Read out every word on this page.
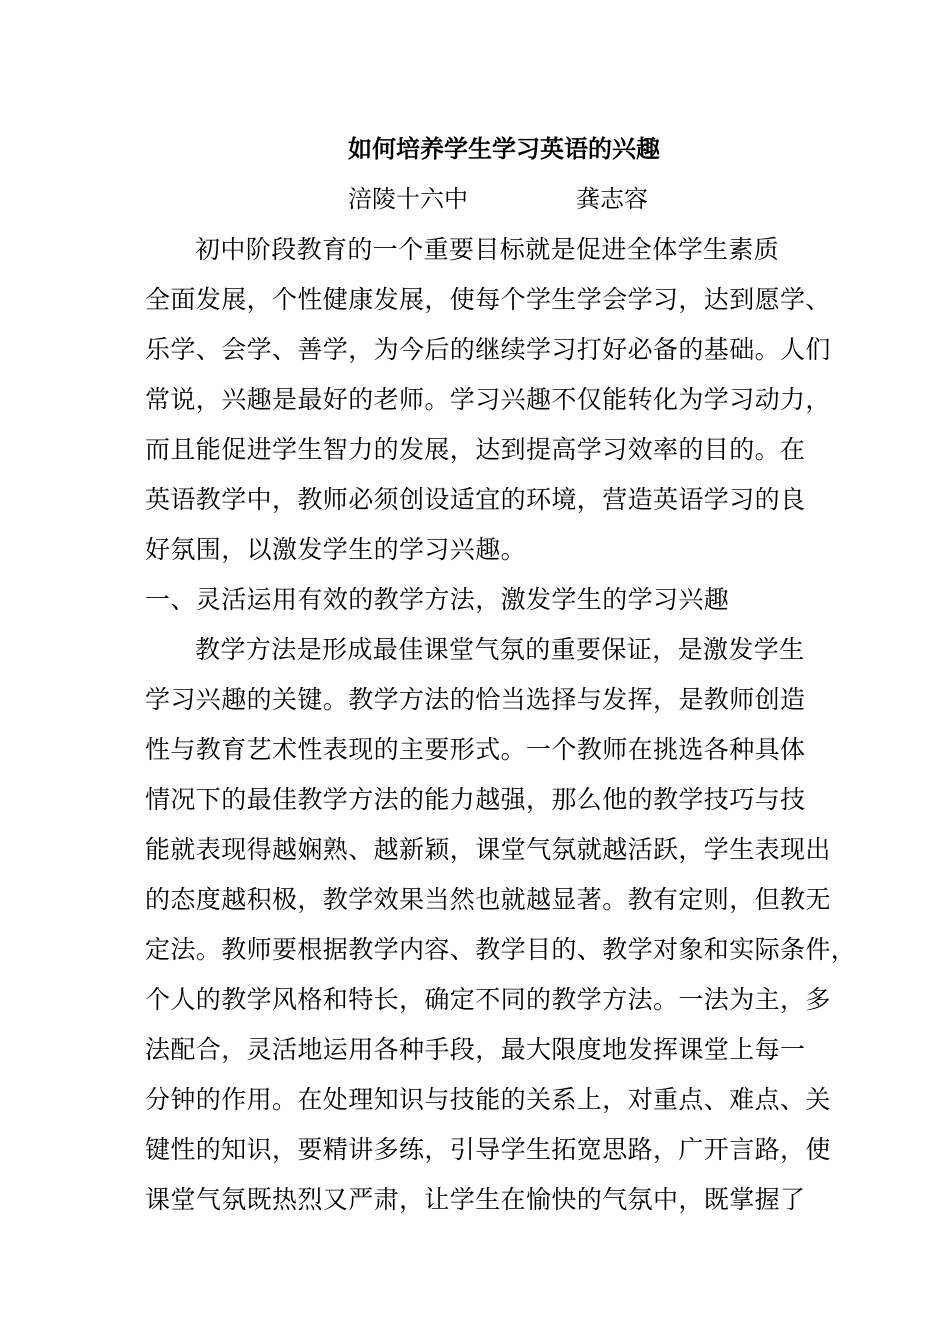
如何培养学生学习英语的兴趣
涪陵十六中	龚志容
初中阶段教育的一个重要目标就是促进全体学生素质
全面发展，个性健康发展，使每个学生学会学习，达到愿学、
乐学、会学、善学，为今后的继续学习打好必备的基础。人们
常说，兴趣是最好的老师。学习兴趣不仅能转化为学习动力，
而且能促进学生智力的发展，达到提高学习效率的目的。在
英语教学中，教师必须创设适宜的环境，营造英语学习的良
好氛围，以激发学生的学习兴趣。
一、灵活运用有效的教学方法，激发学生的学习兴趣
教学方法是形成最佳课堂气氛的重要保证，是激发学生
学习兴趣的关键。教学方法的恰当选择与发挥，是教师创造
性与教育艺术性表现的主要形式。一个教师在挑选各种具体
情况下的最佳教学方法的能力越强，那么他的教学技巧与技
能就表现得越娴熟、越新颖，课堂气氛就越活跃，学生表现出
的态度越积极，教学效果当然也就越显著。教有定则，但教无
定法。教师要根据教学内容、教学目的、教学对象和实际条件，
个人的教学风格和特长，确定不同的教学方法。一法为主，多
法配合，灵活地运用各种手段，最大限度地发挥课堂上每一
分钟的作用。在处理知识与技能的关系上，对重点、难点、关
键性的知识，要精讲多练，引导学生拓宽思路，广开言路，使
课堂气氛既热烈又严肃，让学生在愉快的气氛中，既掌握了
